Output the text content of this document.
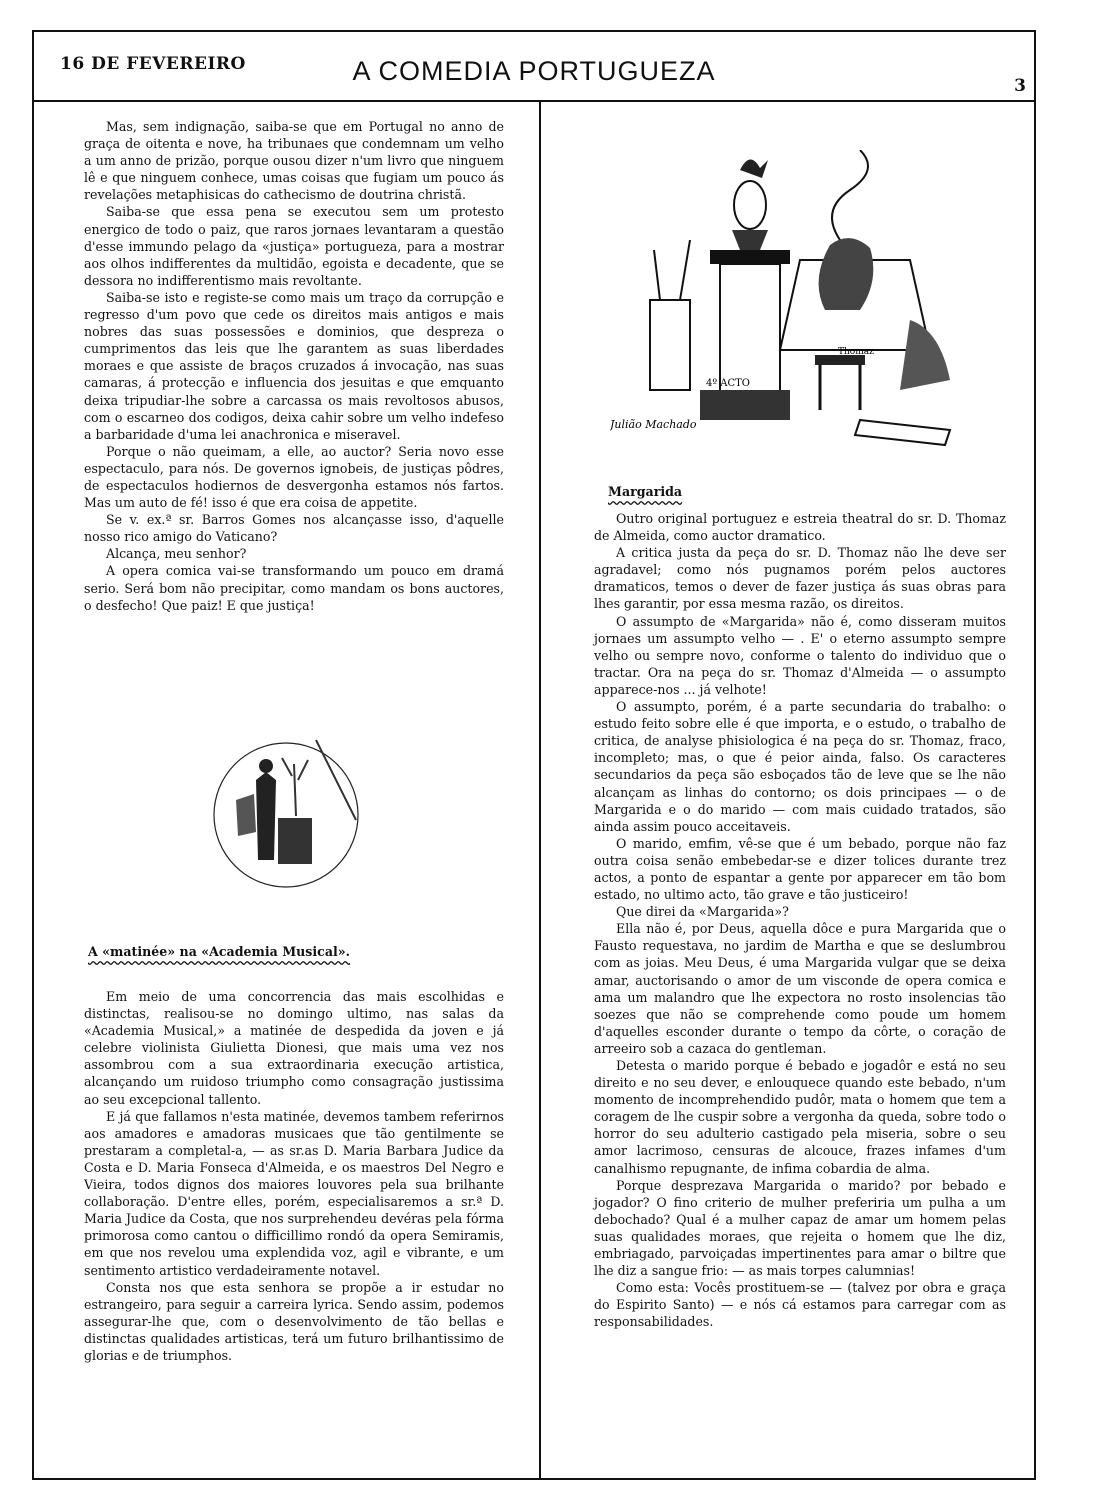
16 DE FEVEREIRO	A COMEDIA PORTUGUEZA	3

Mas, sem indignação, saiba-se que em Portugal no anno de graça de oitenta e nove, ha tribunaes que condemnam um velho a um anno de prizão, porque ousou dizer n'um livro que ninguem lê e que ninguem conhece, umas coisas que fugiam um pouco ás revelações metaphisicas do cathecismo de doutrina christã.

Saiba-se que essa pena se executou sem um protesto energico de todo o paiz, que raros jornaes levantaram a questão d'esse immundo pelago da «justiça» portugueza, para a mostrar aos olhos indifferentes da multidão, egoista e decadente, que se dessora no indifferentismo mais revoltante.

Saiba-se isto e registe-se como mais um traço da corrupção e regresso d'um povo que cede os direitos mais antigos e mais nobres das suas possessões e dominios, que despreza o cumprimentos das leis que lhe garantem as suas liberdades moraes e que assiste de braços cruzados á invocação, nas suas camaras, á protecção e influencia dos jesuitas e que emquanto deixa tripudiar-lhe sobre a carcassa os mais revoltosos abusos, com o escarneo dos codigos, deixa cahir sobre um velho indefeso a barbaridade d'uma lei anachronica e miseravel.

Porque o não queimam, a elle, ao auctor? Seria novo esse espectaculo, para nós. De governos ignobeis, de justiças pôdres, de espectaculos hodiernos de desvergonha estamos nós fartos. Mas um auto de fé! isso é que era coisa de appetite.

Se v. ex.ª sr. Barros Gomes nos alcançasse isso, d'aquelle nosso rico amigo do Vaticano?

Alcança, meu senhor?

A opera comica vai-se transformando um pouco em dramá serio. Será bom não precipitar, como mandam os bons auctores, o desfecho! Que paiz! E que justiça!

A «matinée» na «Academia Musical».

Em meio de uma concorrencia das mais escolhidas e distinctas, realisou-se no domingo ultimo, nas salas da «Academia Musical,» a matinée de despedida da joven e já celebre violinista Giulietta Dionesi, que mais uma vez nos assombrou com a sua extraordinaria execução artistica, alcançando um ruidoso triumpho como consagração justissima ao seu excepcional tallento.

E já que fallamos n'esta matinée, devemos tambem referirnos aos amadores e amadoras musicaes que tão gentilmente se prestaram a completal-a, — as sr.as D. Maria Barbara Judice da Costa e D. Maria Fonseca d'Almeida, e os maestros Del Negro e Vieira, todos dignos dos maiores louvores pela sua brilhante collaboração. D'entre elles, porém, especialisaremos a sr.ª D. Maria Judice da Costa, que nos surprehendeu devéras pela fórma primorosa como cantou o difficillimo rondó da opera Semiramis, em que nos revelou uma explendida voz, agil e vibrante, e um sentimento artistico verdadeiramente notavel.

Consta nos que esta senhora se propõe a ir estudar no estrangeiro, para seguir a carreira lyrica. Sendo assim, podemos assegurar-lhe que, com o desenvolvimento de tão bellas e distinctas qualidades artisticas, terá um futuro brilhantissimo de glorias e de triumphos.

4º ACTO
Thomaz
Julião Machado
Margarida

Outro original portuguez e estreia theatral do sr. D. Thomaz de Almeida, como auctor dramatico.

A critica justa da peça do sr. D. Thomaz não lhe deve ser agradavel; como nós pugnamos porém pelos auctores dramaticos, temos o dever de fazer justiça ás suas obras para lhes garantir, por essa mesma razão, os direitos.

O assumpto de «Margarida» não é, como disseram muitos jornaes um assumpto velho — . E' o eterno assumpto sempre velho ou sempre novo, conforme o talento do individuo que o tractar. Ora na peça do sr. Thomaz d'Almeida — o assumpto apparece-nos ... já velhote!

O assumpto, porém, é a parte secundaria do trabalho: o estudo feito sobre elle é que importa, e o estudo, o trabalho de critica, de analyse phisiologica é na peça do sr. Thomaz, fraco, incompleto; mas, o que é peior ainda, falso. Os caracteres secundarios da peça são esboçados tão de leve que se lhe não alcançam as linhas do contorno; os dois principaes — o de Margarida e o do marido — com mais cuidado tratados, são ainda assim pouco acceitaveis.

O marido, emfim, vê-se que é um bebado, porque não faz outra coisa senão embebedar-se e dizer tolices durante trez actos, a ponto de espantar a gente por apparecer em tão bom estado, no ultimo acto, tão grave e tão justiceiro!

Que direi da «Margarida»?

Ella não é, por Deus, aquella dôce e pura Margarida que o Fausto requestava, no jardim de Martha e que se deslumbrou com as joias. Meu Deus, é uma Margarida vulgar que se deixa amar, auctorisando o amor de um visconde de opera comica e ama um malandro que lhe expectora no rosto insolencias tão soezes que não se comprehende como poude um homem d'aquelles esconder durante o tempo da côrte, o coração de arreeiro sob a cazaca do gentleman.

Detesta o marido porque é bebado e jogadôr e está no seu direito e no seu dever, e enlouquece quando este bebado, n'um momento de incomprehendido pudôr, mata o homem que tem a coragem de lhe cuspir sobre a vergonha da queda, sobre todo o horror do seu adulterio castigado pela miseria, sobre o seu amor lacrimoso, censuras de alcouce, frazes infames d'um canalhismo repugnante, de infima cobardia de alma.

Porque desprezava Margarida o marido? por bebado e jogador? O fino criterio de mulher preferiria um pulha a um debochado? Qual é a mulher capaz de amar um homem pelas suas qualidades moraes, que rejeita o homem que lhe diz, embriagado, parvoiçadas impertinentes para amar o biltre que lhe diz a sangue frio: — as mais torpes calumnias!

Como esta: Vocês prostituem-se — (talvez por obra e graça do Espirito Santo) — e nós cá estamos para carregar com as responsabilidades.
